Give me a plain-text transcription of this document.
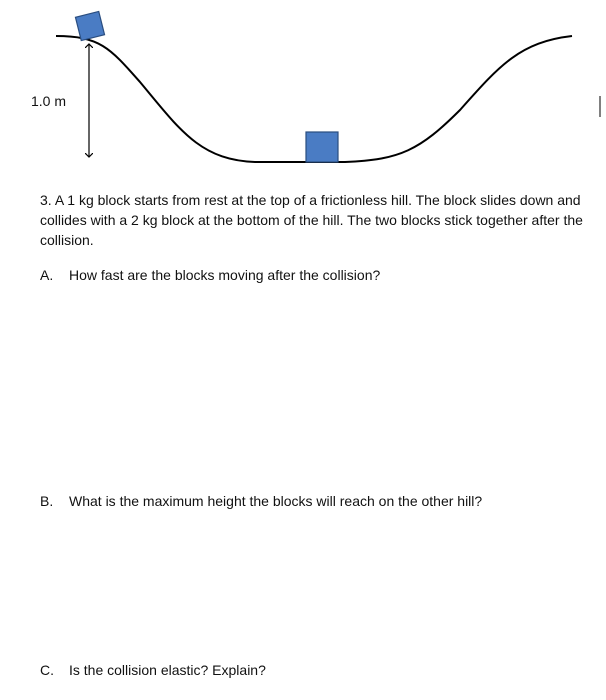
1.0 m
3. A 1 kg block starts from rest at the top of a frictionless hill. The block slides down and collides with a 2 kg block at the bottom of the hill. The two blocks stick together after the collision.
A. How fast are the blocks moving after the collision?
B. What is the maximum height the blocks will reach on the other hill?
C. Is the collision elastic? Explain?
